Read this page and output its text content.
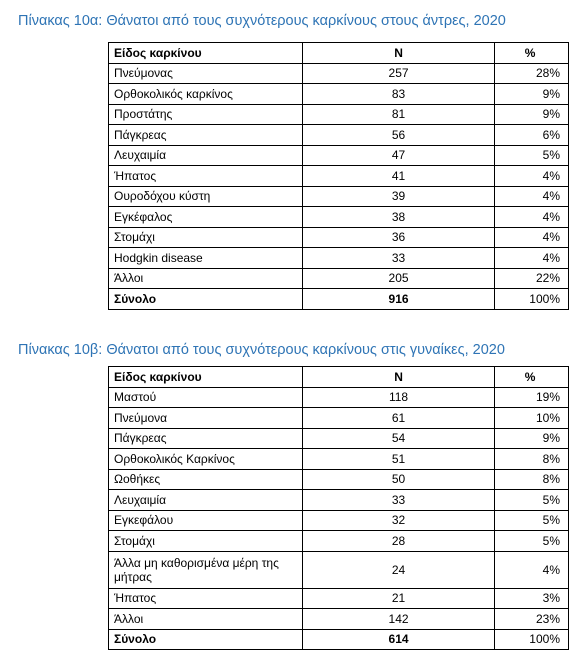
Πίνακας 10α: Θάνατοι από τους συχνότερους καρκίνους στους άντρες, 2020
Είδος καρκίνου	N	%
Πνεύμονας	257	28%
Ορθοκολικός καρκίνος	83	9%
Προστάτης	81	9%
Πάγκρεας	56	6%
Λευχαιμία	47	5%
Ήπατος	41	4%
Ουροδόχου κύστη	39	4%
Εγκέφαλος	38	4%
Στομάχι	36	4%
Hodgkin disease	33	4%
Άλλοι	205	22%
Σύνολο	916	100%
Πίνακας 10β: Θάνατοι από τους συχνότερους καρκίνους στις γυναίκες, 2020
Είδος καρκίνου	N	%
Μαστού	118	19%
Πνεύμονα	61	10%
Πάγκρεας	54	9%
Ορθοκολικός Καρκίνος	51	8%
Ωοθήκες	50	8%
Λευχαιμία	33	5%
Εγκεφάλου	32	5%
Στομάχι	28	5%
Άλλα μη καθορισμένα μέρη της μήτρας	24	4%
Ήπατος	21	3%
Άλλοι	142	23%
Σύνολο	614	100%
